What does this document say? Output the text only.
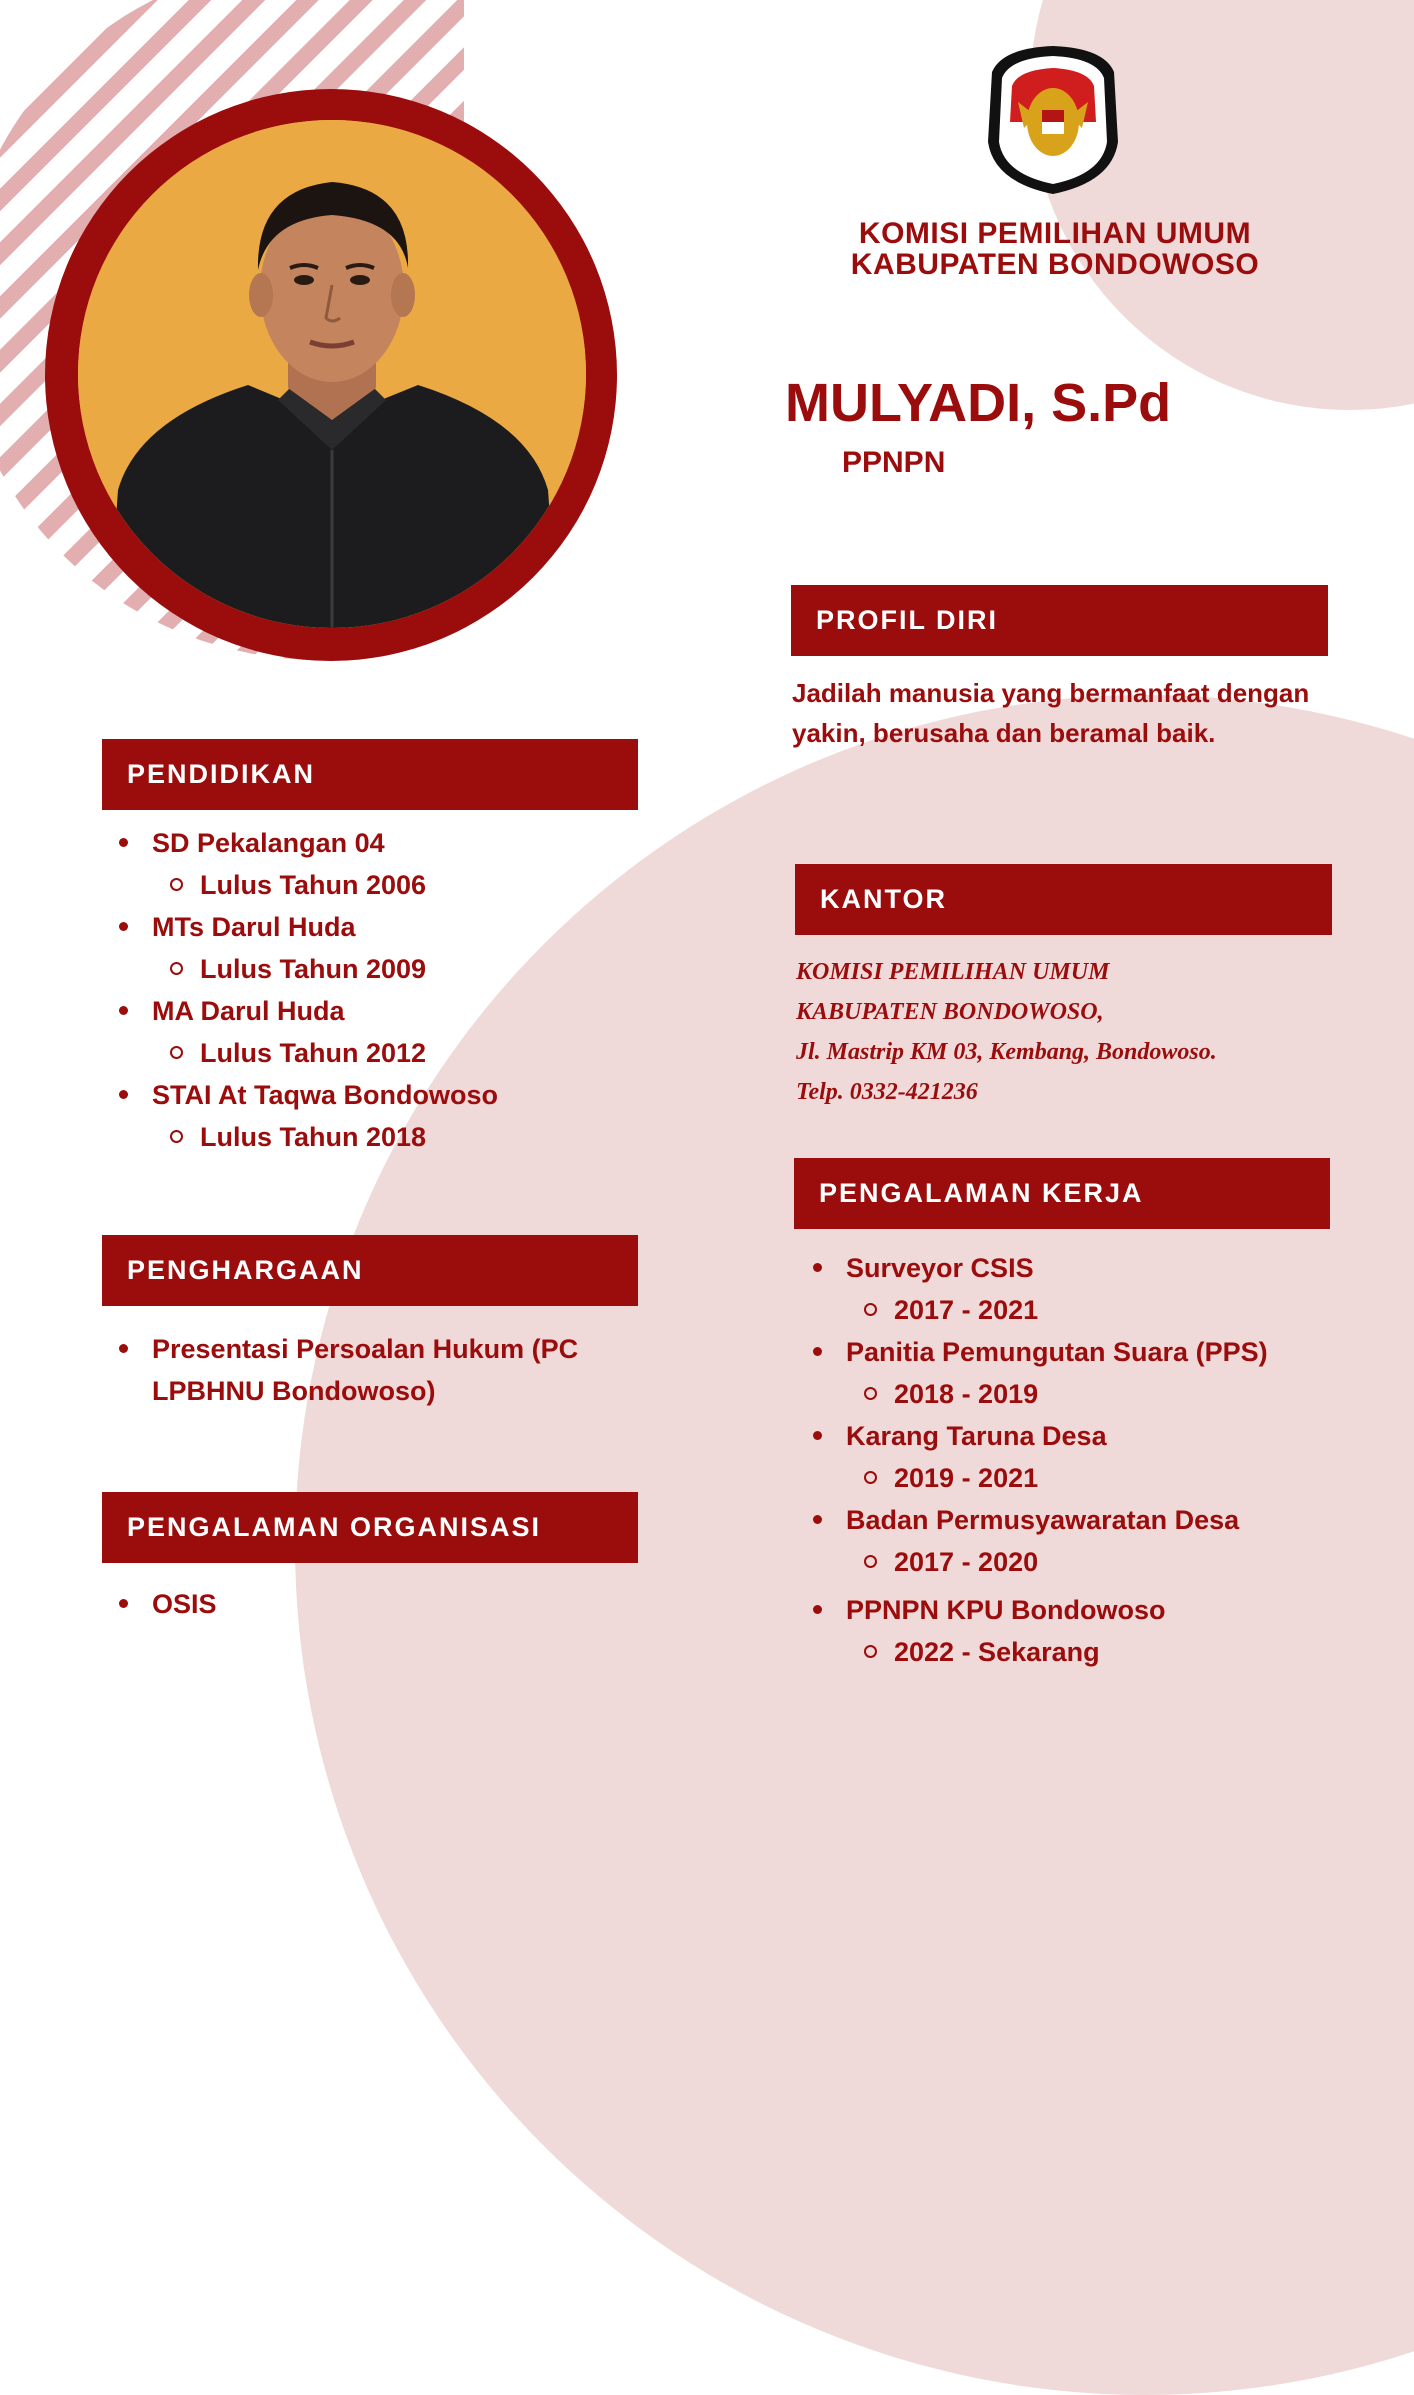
KOMISI PEMILIHAN UMUM
KABUPATEN BONDOWOSO
MULYADI, S.Pd
PPNPN
PROFIL DIRI
Jadilah manusia yang bermanfaat dengan
yakin, berusaha dan beramal baik.
PENDIDIKAN
SD Pekalangan 04
Lulus Tahun 2006
MTs Darul Huda
Lulus Tahun 2009
MA Darul Huda
Lulus Tahun 2012
STAI At Taqwa Bondowoso
Lulus Tahun 2018
KANTOR
KOMISI PEMILIHAN UMUM
KABUPATEN BONDOWOSO,
Jl. Mastrip KM 03, Kembang, Bondowoso.
Telp. 0332-421236
PENGHARGAAN
Presentasi Persoalan Hukum (PC
LPBHNU Bondowoso)
PENGALAMAN KERJA
Surveyor CSIS
2017 - 2021
Panitia Pemungutan Suara (PPS)
2018 - 2019
Karang Taruna Desa
2019 - 2021
Badan Permusyawaratan Desa
2017 - 2020
PPNPN KPU Bondowoso
2022 - Sekarang
PENGALAMAN ORGANISASI
OSIS
